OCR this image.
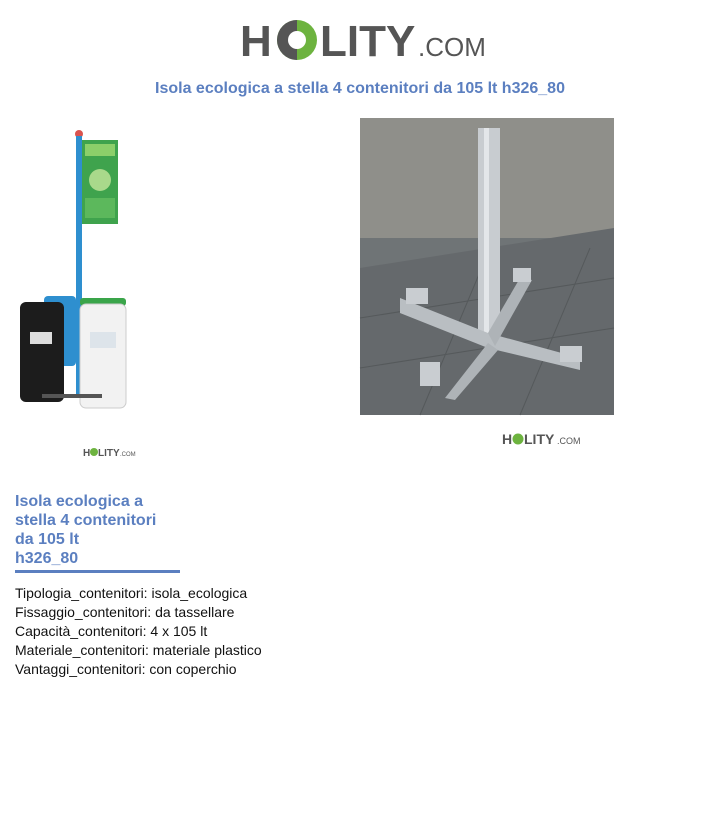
H LITY .COM
Isola ecologica a stella 4 contenitori da 105 lt h326_80
H LITY .COM
H LITY .COM
Isola ecologica a
stella 4 contenitori
da 105 lt
h326_80
Tipologia_contenitori: isola_ecologica
Fissaggio_contenitori: da tassellare
Capacità_contenitori: 4 x 105 lt
Materiale_contenitori: materiale plastico
Vantaggi_contenitori: con coperchio
